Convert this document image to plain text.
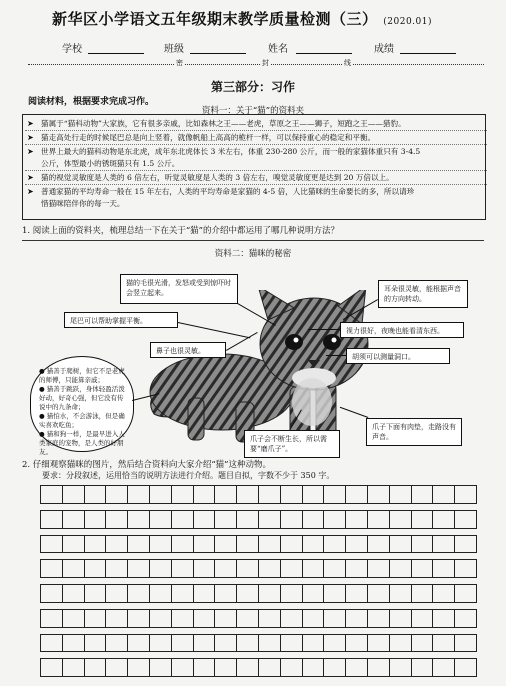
新华区小学语文五年级期末教学质量检测（三） (2020.01)
学校	班级	姓名	成绩
密	封	线
第三部分：习作
阅读材料，根据要求完成习作。
资料一：关于“猫”的资料夹
➤ 猫属于“猫科动物”大家族，它有很多亲戚，比如森林之王——老虎，草原之王——狮子，短跑之王——猎豹。
➤ 猫走高处行走的时候尾巴总是向上竖着，就像帆船上高高的桅杆一样，可以保持重心的稳定和平衡。
➤ 世界上最大的猫科动物是东北虎，成年东北虎体长 3 米左右，体重 230-280 公斤，而一般的家猫体重只有 3-4.5
公斤，体型最小的锈斑猫只有 1.5 公斤。
➤ 猫的视觉灵敏度是人类的 6 倍左右，听觉灵敏度是人类的 3 倍左右，嗅觉灵敏度更是达到 20 万倍以上。
➤ 普通家猫的平均寿命一般在 15 年左右，人类的平均寿命是家猫的 4-5 倍，人比猫咪的生命要长的多，所以请珍
惜猫咪陪伴你的每一天。
1. 阅读上面的资料夹，梳理总结一下在关于“猫”的介绍中都运用了哪几种说明方法？
资料二：猫咪的秘密
猫的毛很光滑，发怒或受到惊吓时会竖立起来。	耳朵很灵敏，能根据声音的方向转动。
尾巴可以帮助掌握平衡。
视力很好，夜晚也能看清东西。
鼻子也很灵敏。
胡须可以测量洞口。
● 猫善于爬树，但它不是老虎的师傅，只能算亲戚；
● 猫善于跳跃，身体轻盈活泼好动，好奇心强，但它没有传说中的九条命；
● 猫怕水，不会游泳，但是确实喜欢吃鱼；
● 猫和狗一样，是最早进入人类家庭的宠物，是人类的好朋友。
爪子会不断生长，所以需要“磨爪子”。
爪子下面有肉垫，走路没有声音。
2. 仔细观察猫咪的图片，然后结合资料向大家介绍“猫”这种动物。
要求：分段叙述，运用恰当的说明方法进行介绍。题目自拟，字数不少于 350 字。
